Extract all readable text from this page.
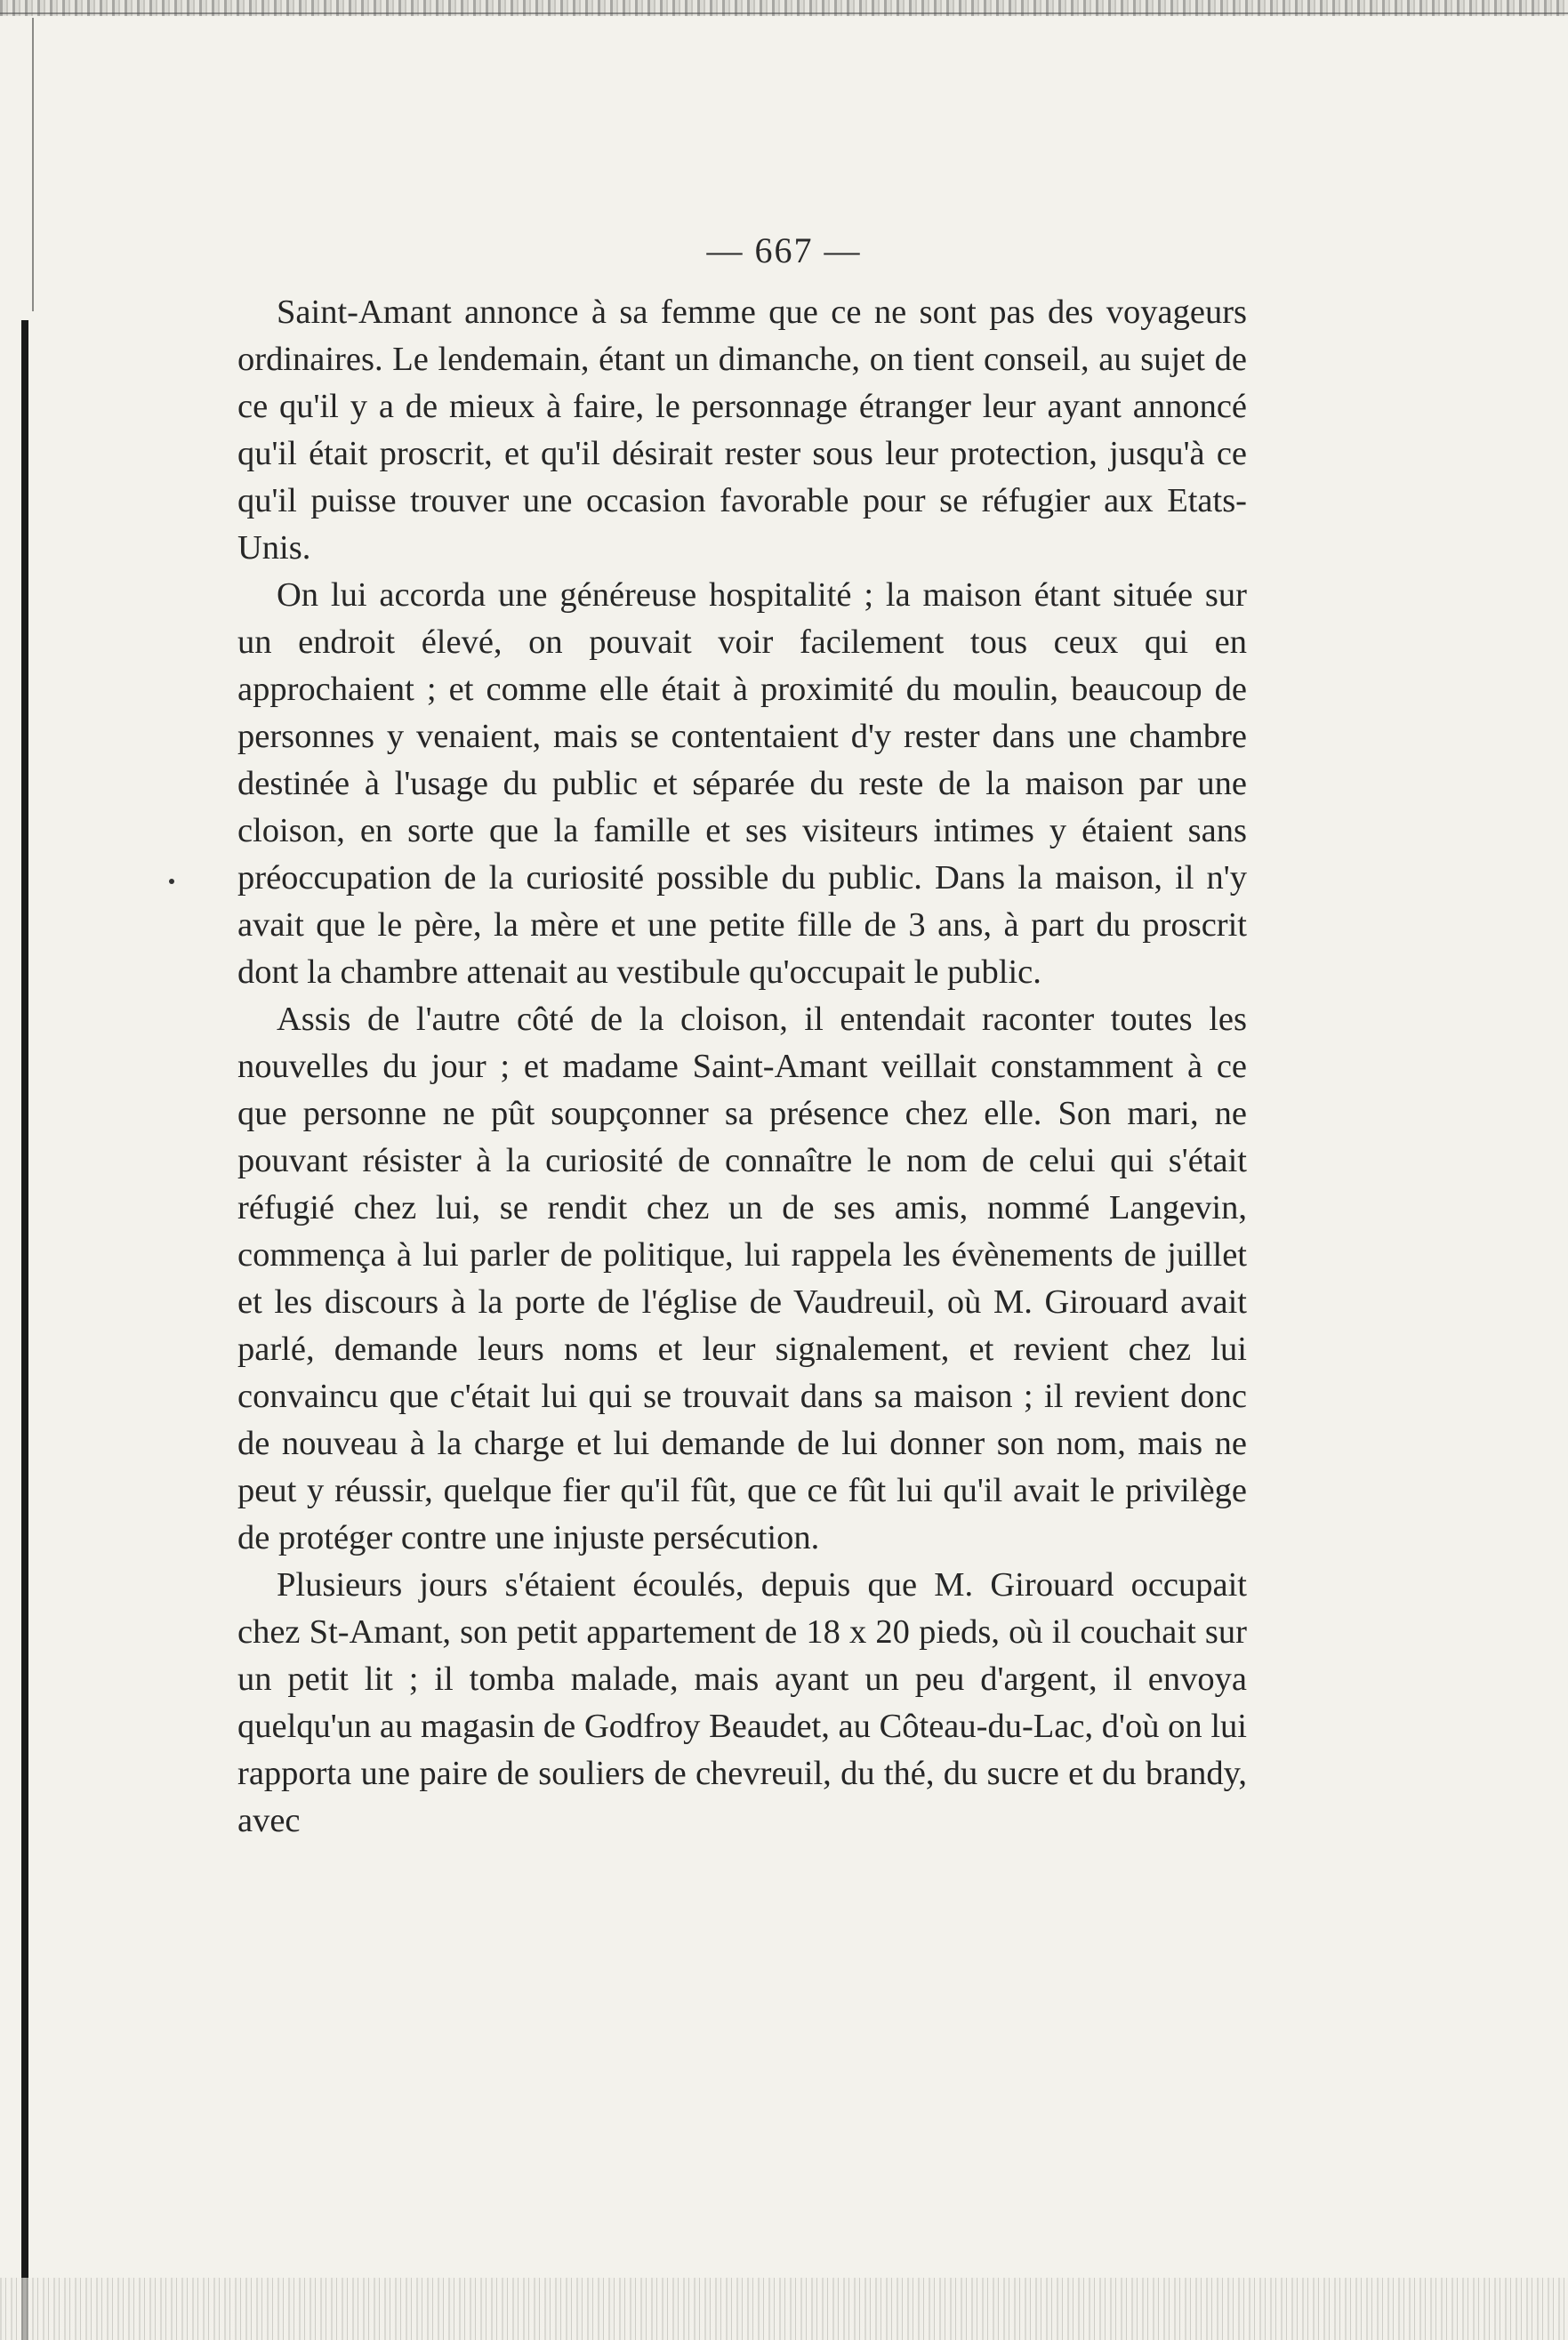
— 667 —

Saint-Amant annonce à sa femme que ce ne sont pas des voyageurs ordinaires. Le lendemain, étant un dimanche, on tient conseil, au sujet de ce qu'il y a de mieux à faire, le personnage étranger leur ayant annoncé qu'il était proscrit, et qu'il désirait rester sous leur protection, jusqu'à ce qu'il puisse trouver une occasion favorable pour se réfugier aux Etats-Unis.

On lui accorda une généreuse hospitalité ; la maison étant située sur un endroit élevé, on pouvait voir facilement tous ceux qui en approchaient ; et comme elle était à proximité du moulin, beaucoup de personnes y venaient, mais se contentaient d'y rester dans une chambre destinée à l'usage du public et séparée du reste de la maison par une cloison, en sorte que la famille et ses visiteurs intimes y étaient sans préoccupation de la curiosité possible du public. Dans la maison, il n'y avait que le père, la mère et une petite fille de 3 ans, à part du proscrit dont la chambre attenait au vestibule qu'occupait le public.

Assis de l'autre côté de la cloison, il entendait raconter toutes les nouvelles du jour ; et madame Saint-Amant veillait constamment à ce que personne ne pût soupçonner sa présence chez elle. Son mari, ne pouvant résister à la curiosité de connaître le nom de celui qui s'était réfugié chez lui, se rendit chez un de ses amis, nommé Langevin, commença à lui parler de politique, lui rappela les évènements de juillet et les discours à la porte de l'église de Vaudreuil, où M. Girouard avait parlé, demande leurs noms et leur signalement, et revient chez lui convaincu que c'était lui qui se trouvait dans sa maison ; il revient donc de nouveau à la charge et lui demande de lui donner son nom, mais ne peut y réussir, quelque fier qu'il fût, que ce fût lui qu'il avait le privilège de protéger contre une injuste persécution.

Plusieurs jours s'étaient écoulés, depuis que M. Girouard occupait chez St-Amant, son petit appartement de 18 x 20 pieds, où il couchait sur un petit lit ; il tomba malade, mais ayant un peu d'argent, il envoya quelqu'un au magasin de Godfroy Beaudet, au Côteau-du-Lac, d'où on lui rapporta une paire de souliers de chevreuil, du thé, du sucre et du brandy, avec
